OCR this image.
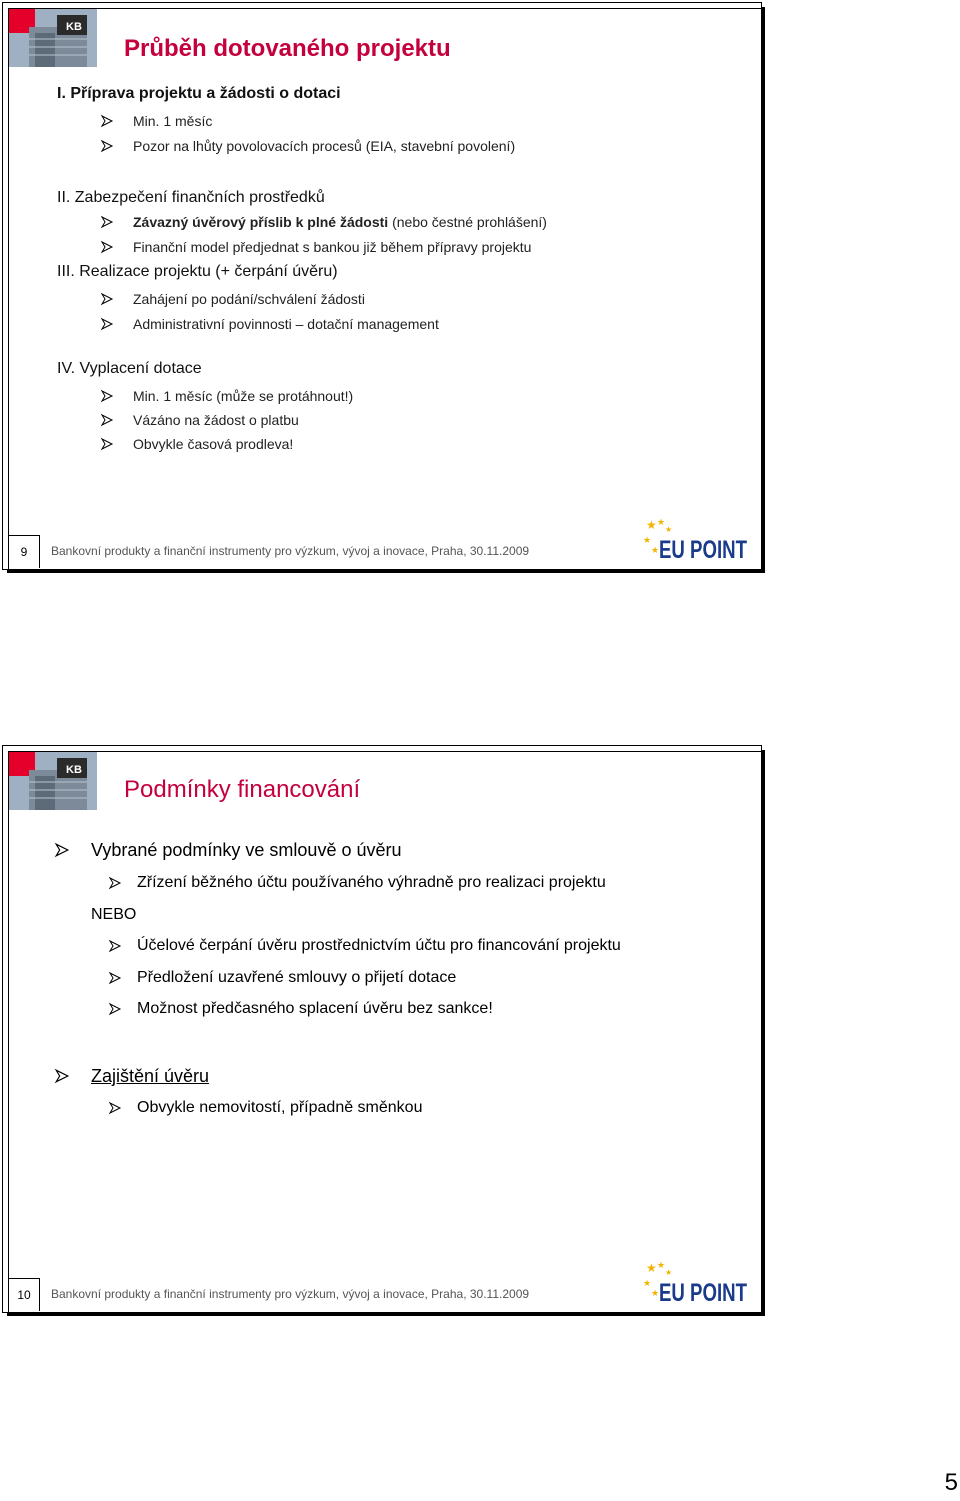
KB
Průběh dotovaného projektu
I. Příprava projektu a žádosti o dotaci
Min. 1 měsíc
Pozor na lhůty povolovacích procesů (EIA, stavební povolení)
II. Zabezpečení finančních prostředků
Závazný úvěrový příslib k plné žádosti (nebo čestné prohlášení)
Finanční model předjednat s bankou již během přípravy projektu
III. Realizace projektu (+ čerpání úvěru)
Zahájení po podání/schválení žádosti
Administrativní povinnosti – dotační management
IV. Vyplacení dotace
Min. 1 měsíc (může se protáhnout!)
Vázáno na žádost o platbu
Obvykle časová prodleva!
9	Bankovní produkty a finanční instrumenty pro výzkum, vývoj a inovace, Praha, 30.11.2009
★ ★
★
★
★ EU POINT
KB
Podmínky financování
Vybrané podmínky ve smlouvě o úvěru
Zřízení běžného účtu používaného výhradně pro realizaci projektu
NEBO
Účelové čerpání úvěru prostřednictvím účtu pro financování projektu
Předložení uzavřené smlouvy o přijetí dotace
Možnost předčasného splacení úvěru bez sankce!
Zajištění úvěru
Obvykle nemovitostí, případně směnkou
10	Bankovní produkty a finanční instrumenty pro výzkum, vývoj a inovace, Praha, 30.11.2009
★ ★
★
★
★ EU POINT
5
